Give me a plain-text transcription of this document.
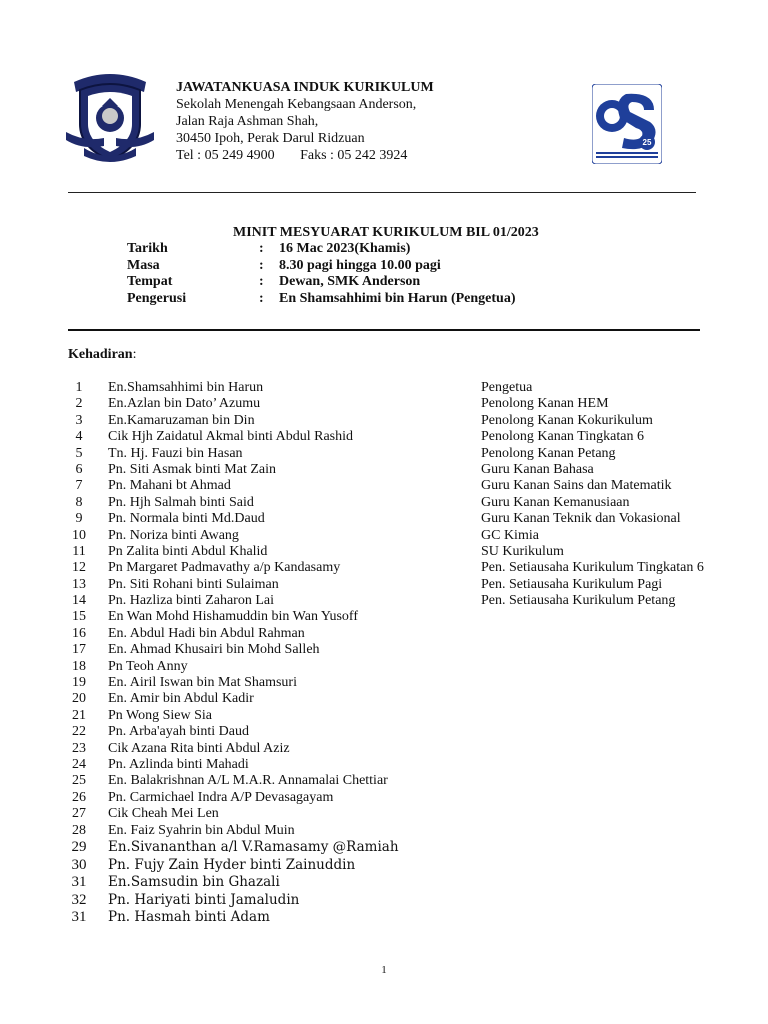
JAWATANKUASA INDUK KURIKULUM
Sekolah Menengah Kebangsaan Anderson,
Jalan Raja Ashman Shah,
30450 Ipoh, Perak Darul Ridzuan
Tel : 05 249 4900 Faks : 05 242 3924
25
MINIT MESYUARAT KURIKULUM BIL 01/2023
Tarikh	:	16 Mac 2023(Khamis)
Masa	:	8.30 pagi hingga 10.00 pagi
Tempat	:	Dewan, SMK Anderson
Pengerusi	:	En Shamsahhimi bin Harun (Pengetua)
Kehadiran:
1	En.Shamsahhimi bin Harun	Pengetua
2	En.Azlan bin Dato’ Azumu	Penolong Kanan HEM
3	En.Kamaruzaman bin Din	Penolong Kanan Kokurikulum
4	Cik Hjh Zaidatul Akmal binti Abdul Rashid	Penolong Kanan Tingkatan 6
5	Tn. Hj. Fauzi bin Hasan	Penolong Kanan Petang
6	Pn. Siti Asmak binti Mat Zain	Guru Kanan Bahasa
7	Pn. Mahani bt Ahmad	Guru Kanan Sains dan Matematik
8	Pn. Hjh Salmah binti Said	Guru Kanan Kemanusiaan
9	Pn. Normala binti Md.Daud	Guru Kanan Teknik dan Vokasional
10 Pn. Noriza binti Awang	GC Kimia
11	Pn Zalita binti Abdul Khalid	SU Kurikulum
12 Pn Margaret Padmavathy a/p Kandasamy	Pen. Setiausaha Kurikulum Tingkatan 6
13 Pn. Siti Rohani binti Sulaiman	Pen. Setiausaha Kurikulum Pagi
14 Pn. Hazliza binti Zaharon Lai	Pen. Setiausaha Kurikulum Petang
15 En Wan Mohd Hishamuddin bin Wan Yusoff
16 En. Abdul Hadi bin Abdul Rahman
17 En. Ahmad Khusairi bin Mohd Salleh
18 Pn Teoh Anny
19 En. Airil Iswan bin Mat Shamsuri
20 En. Amir bin Abdul Kadir
21 Pn Wong Siew Sia
22 Pn. Arba'ayah binti Daud
23 Cik Azana Rita binti Abdul Aziz
24 Pn. Azlinda binti Mahadi
25 En. Balakrishnan A/L M.A.R. Annamalai Chettiar
26 Pn. Carmichael Indra A/P Devasagayam
27 Cik Cheah Mei Len
28 En. Faiz Syahrin bin Abdul Muin
29 En.Sivananthan a/l V.Ramasamy @Ramiah
30 Pn. Fujy Zain Hyder binti Zainuddin
31 En.Samsudin bin Ghazali
32 Pn. Hariyati binti Jamaludin
31 Pn. Hasmah binti Adam
1
